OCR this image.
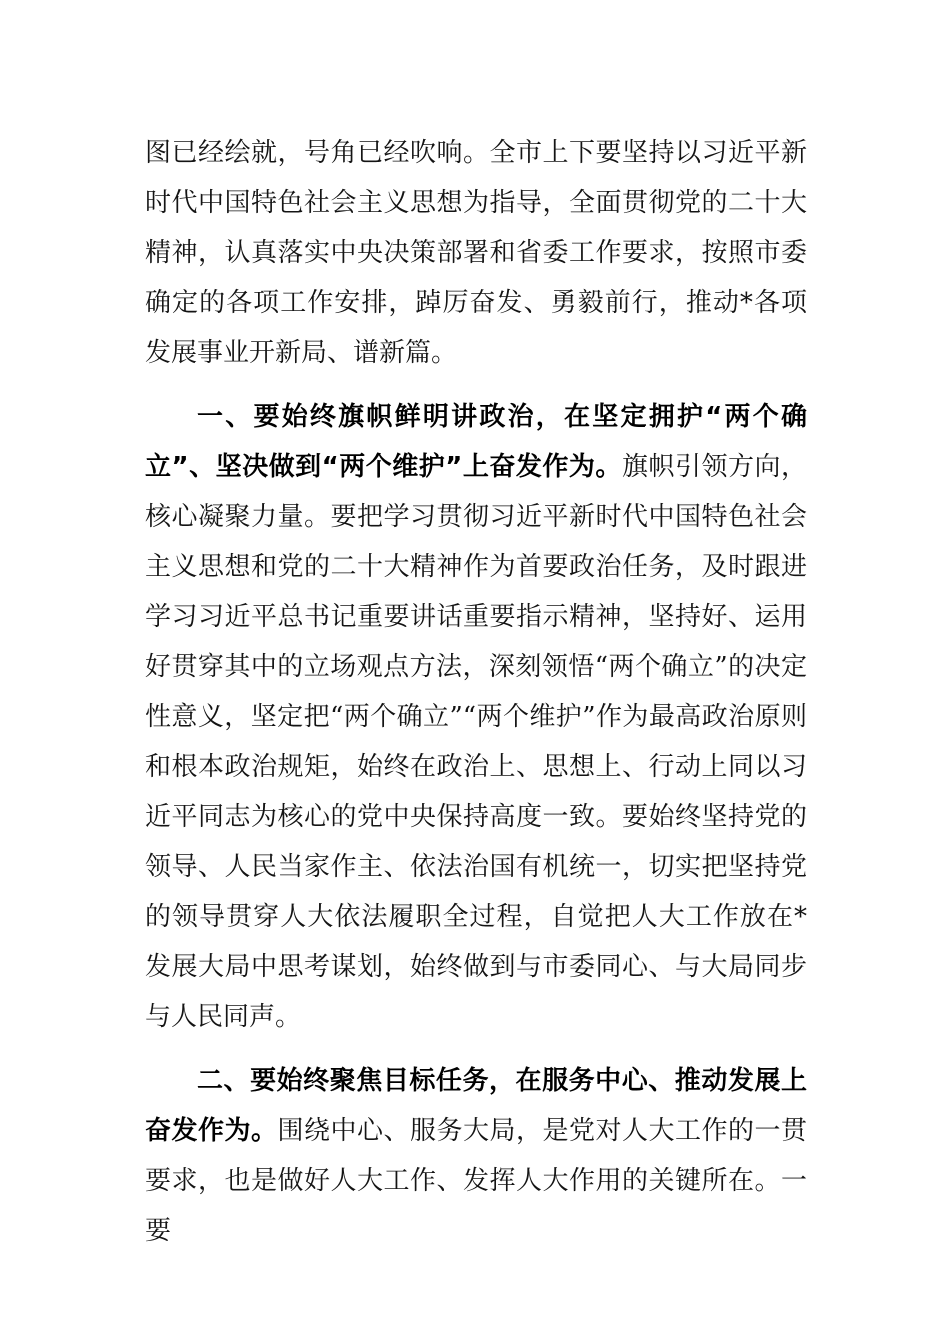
图已经绘就，号角已经吹响。全市上下要坚持以习近平新时代中国特色社会主义思想为指导，全面贯彻党的二十大精神，认真落实中央决策部署和省委工作要求，按照市委确定的各项工作安排，踔厉奋发、勇毅前行，推动*各项发展事业开新局、谱新篇。

一、要始终旗帜鲜明讲政治，在坚定拥护“两个确立”、坚决做到“两个维护”上奋发作为。旗帜引领方向，核心凝聚力量。要把学习贯彻习近平新时代中国特色社会主义思想和党的二十大精神作为首要政治任务，及时跟进学习习近平总书记重要讲话重要指示精神，坚持好、运用好贯穿其中的立场观点方法，深刻领悟“两个确立”的决定性意义，坚定把“两个确立”“两个维护”作为最高政治原则和根本政治规矩，始终在政治上、思想上、行动上同以习近平同志为核心的党中央保持高度一致。要始终坚持党的领导、人民当家作主、依法治国有机统一，切实把坚持党的领导贯穿人大依法履职全过程，自觉把人大工作放在*发展大局中思考谋划，始终做到与市委同心、与大局同步与人民同声。

二、要始终聚焦目标任务，在服务中心、推动发展上奋发作为。围绕中心、服务大局，是党对人大工作的一贯要求，也是做好人大工作、发挥人大作用的关键所在。一要
